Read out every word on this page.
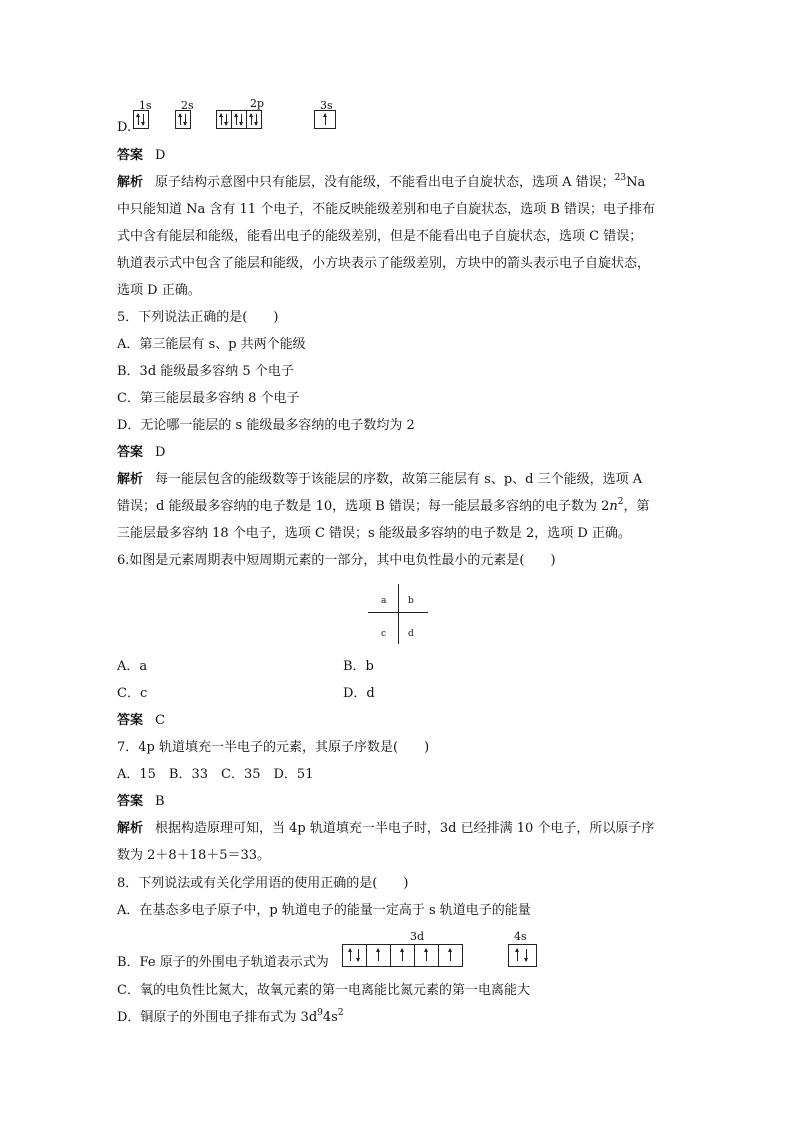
D.
1s	2s	2p	3s
答案 D
解析 原子结构示意图中只有能层，没有能级，不能看出电子自旋状态，选项 A 错误；$^{23}$Na
中只能知道 Na 含有 11 个电子，不能反映能级差别和电子自旋状态，选项 B 错误；电子排布
式中含有能层和能级，能看出电子的能级差别，但是不能看出电子自旋状态，选项 C 错误；
轨道表示式中包含了能层和能级，小方块表示了能级差别，方块中的箭头表示电子自旋状态，
选项 D 正确。
5．下列说法正确的是(　　)
A．第三能层有 s、p 共两个能级
B．3d 能级最多容纳 5 个电子
C．第三能层最多容纳 8 个电子
D．无论哪一能层的 s 能级最多容纳的电子数均为 2
答案 D
解析 每一能层包含的能级数等于该能层的序数，故第三能层有 s、p、d 三个能级，选项 A
错误；d 能级最多容纳的电子数是 10，选项 B 错误；每一能层最多容纳的电子数为 $2n^2$，第
三能层最多容纳 18 个电子，选项 C 错误；s 能级最多容纳的电子数是 2，选项 D 正确。
6.如图是元素周期表中短周期元素的一部分，其中电负性最小的元素是(　　)
a b
c d
A．a	B．b
C．c	D．d
答案 C
7．4p 轨道填充一半电子的元素，其原子序数是(　　)
A．15　B．33　C．35　D．51
答案 B
解析 根据构造原理可知，当 4p 轨道填充一半电子时，3d 已经排满 10 个电子，所以原子序
数为 2＋8＋18＋5＝33。
8．下列说法或有关化学用语的使用正确的是(　　)
A．在基态多电子原子中，p 轨道电子的能量一定高于 s 轨道电子的能量
B．Fe 原子的外围电子轨道表示式为
3d	4s
C．氧的电负性比氮大，故氧元素的第一电离能比氮元素的第一电离能大
D．铜原子的外围电子排布式为 $3d^94s^2$
